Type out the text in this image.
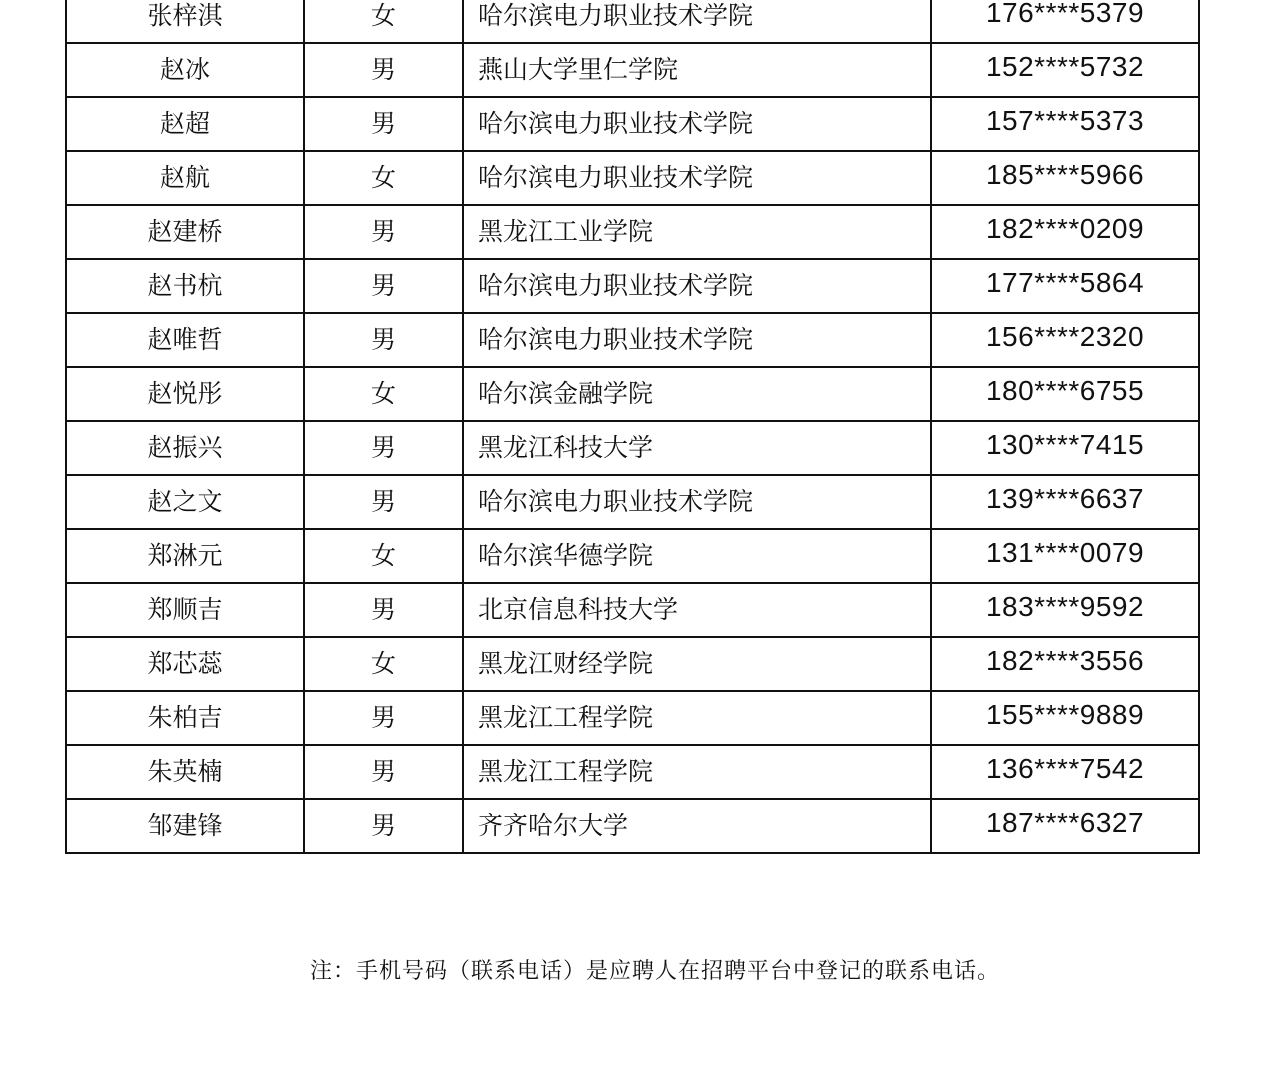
张梓淇	女	哈尔滨电力职业技术学院	176****5379
赵冰	男	燕山大学里仁学院	152****5732
赵超	男	哈尔滨电力职业技术学院	157****5373
赵航	女	哈尔滨电力职业技术学院	185****5966
赵建桥	男	黑龙江工业学院	182****0209
赵书杭	男	哈尔滨电力职业技术学院	177****5864
赵唯哲	男	哈尔滨电力职业技术学院	156****2320
赵悦彤	女	哈尔滨金融学院	180****6755
赵振兴	男	黑龙江科技大学	130****7415
赵之文	男	哈尔滨电力职业技术学院	139****6637
郑淋元	女	哈尔滨华德学院	131****0079
郑顺吉	男	北京信息科技大学	183****9592
郑芯蕊	女	黑龙江财经学院	182****3556
朱柏吉	男	黑龙江工程学院	155****9889
朱英楠	男	黑龙江工程学院	136****7542
邹建锋	男	齐齐哈尔大学	187****6327
注：手机号码（联系电话）是应聘人在招聘平台中登记的联系电话。
